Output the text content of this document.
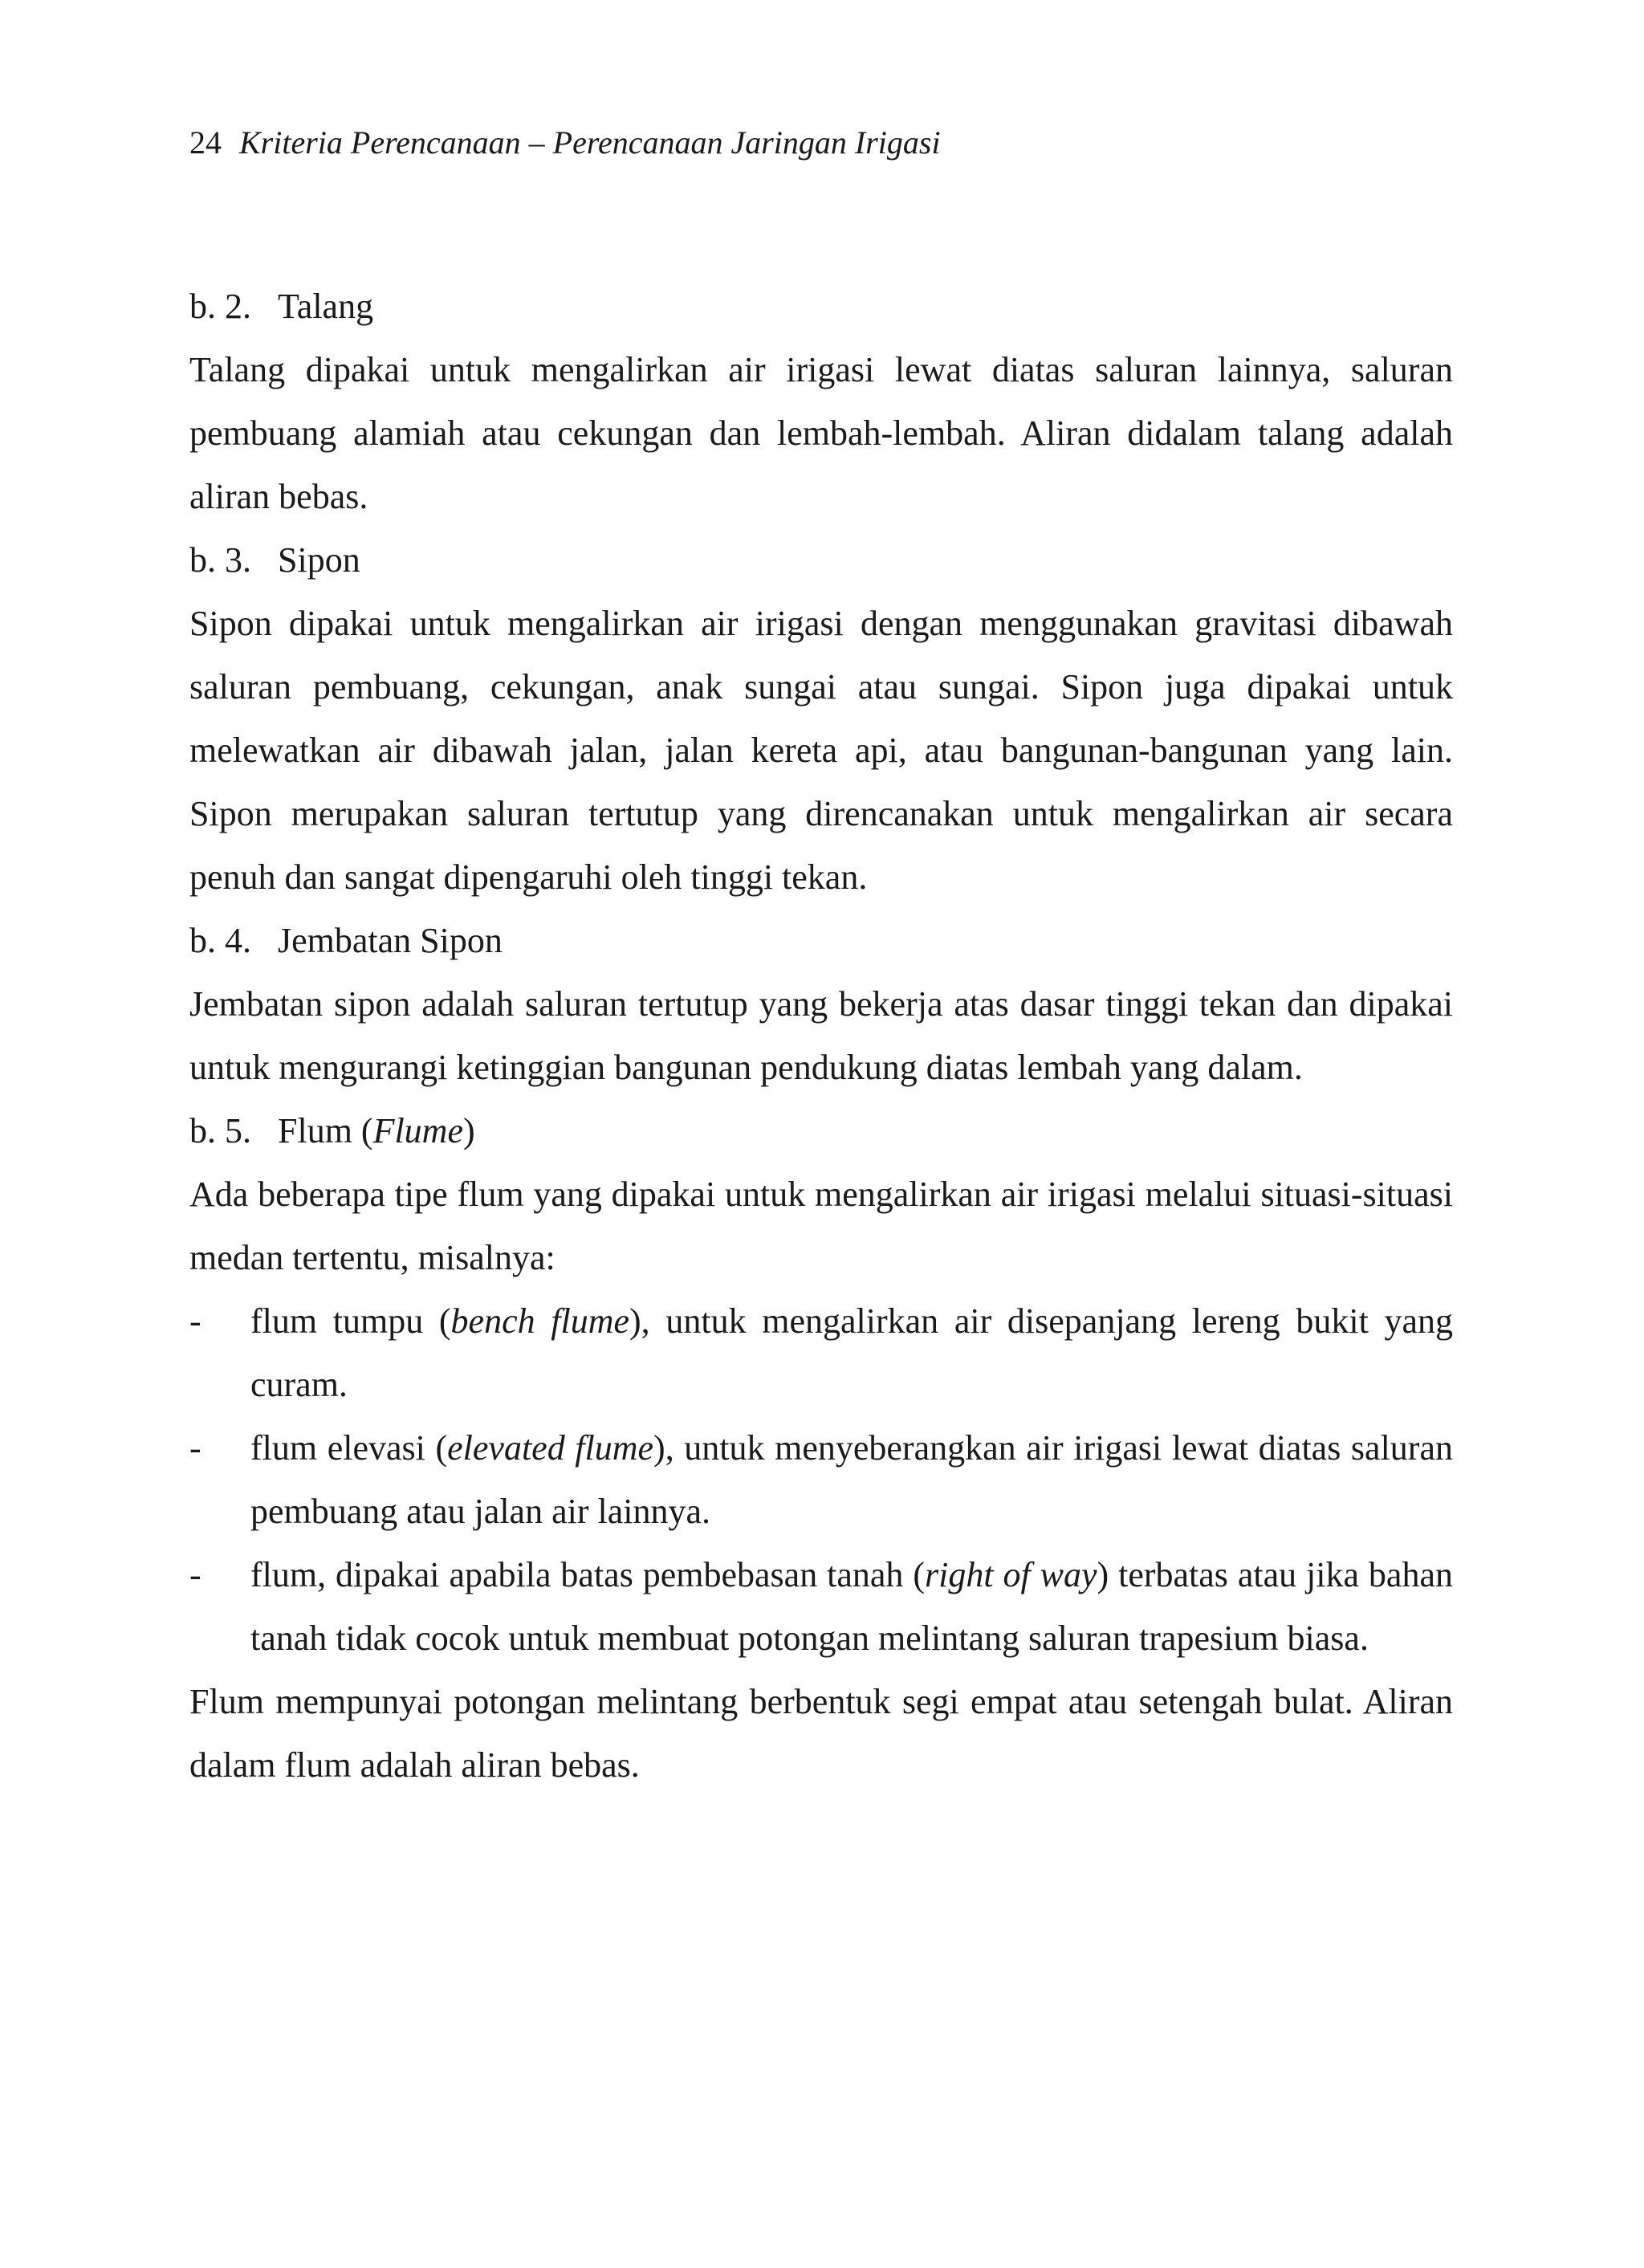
24 Kriteria Perencanaan – Perencanaan Jaringan Irigasi
b. 2. Talang

Talang dipakai untuk mengalirkan air irigasi lewat diatas saluran lainnya, saluran pembuang alamiah atau cekungan dan lembah-lembah. Aliran didalam talang adalah aliran bebas.

b. 3. Sipon

Sipon dipakai untuk mengalirkan air irigasi dengan menggunakan gravitasi dibawah saluran pembuang, cekungan, anak sungai atau sungai. Sipon juga dipakai untuk melewatkan air dibawah jalan, jalan kereta api, atau bangunan-bangunan yang lain. Sipon merupakan saluran tertutup yang direncanakan untuk mengalirkan air secara penuh dan sangat dipengaruhi oleh tinggi tekan.

b. 4. Jembatan Sipon

Jembatan sipon adalah saluran tertutup yang bekerja atas dasar tinggi tekan dan dipakai untuk mengurangi ketinggian bangunan pendukung diatas lembah yang dalam.

b. 5. Flum (Flume)

Ada beberapa tipe flum yang dipakai untuk mengalirkan air irigasi melalui situasi-situasi medan tertentu, misalnya:

- flum tumpu (bench flume), untuk mengalirkan air disepanjang lereng bukit yang curam.
- flum elevasi (elevated flume), untuk menyeberangkan air irigasi lewat diatas saluran pembuang atau jalan air lainnya.
- flum, dipakai apabila batas pembebasan tanah (right of way) terbatas atau jika bahan tanah tidak cocok untuk membuat potongan melintang saluran trapesium biasa.

Flum mempunyai potongan melintang berbentuk segi empat atau setengah bulat. Aliran dalam flum adalah aliran bebas.
